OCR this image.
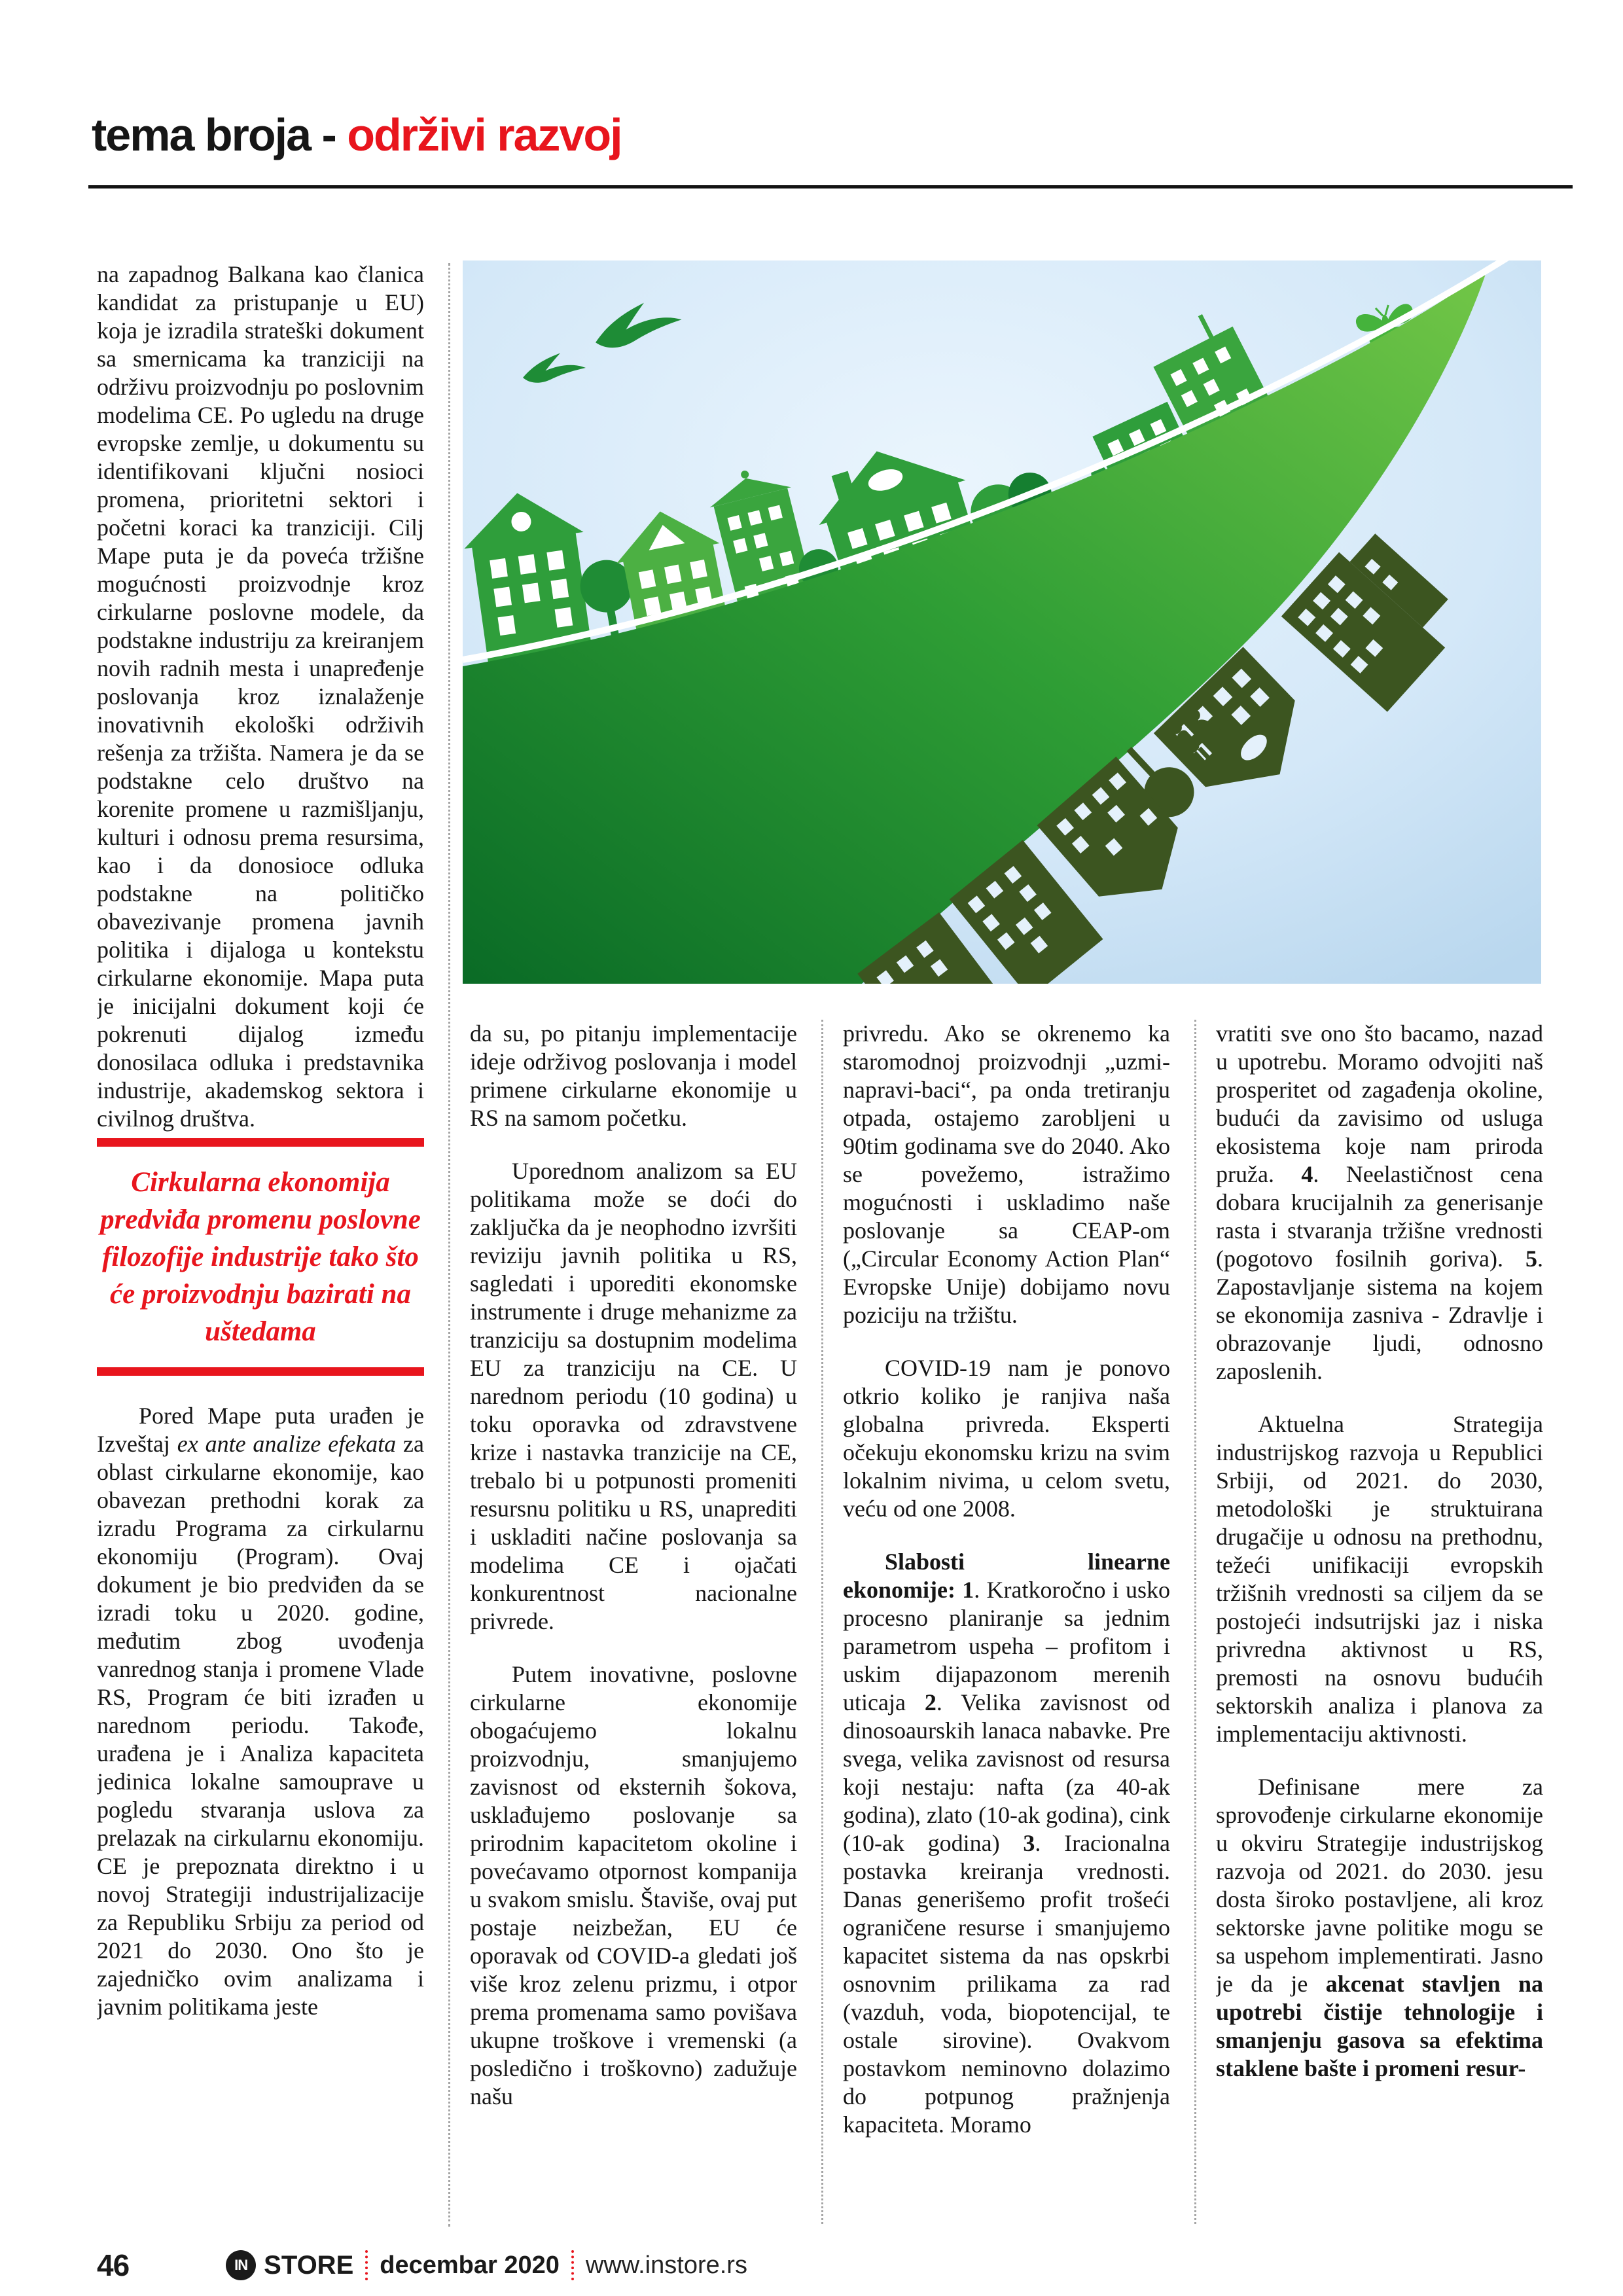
tema broja - održivi razvoj

na zapadnog Balkana kao članica kandidat za pristupanje u EU) koja je izradila strateški dokument sa smernicama ka tranziciji na održivu proizvodnju po poslovnim modelima CE. Po ugledu na druge evropske zemlje, u dokumentu su identifikovani ključni nosioci promena, prioritetni sektori i početni koraci ka tranziciji. Cilj Mape puta je da poveća tržišne mogućnosti proizvodnje kroz cirkularne poslovne modele, da podstakne industriju za kreiranjem novih radnih mesta i unapređenje poslovanja kroz iznalaženje inovativnih ekološki održivih rešenja za tržišta. Namera je da se podstakne celo društvo na korenite promene u razmišljanju, kulturi i odnosu prema resursima, kao i da donosioce odluka podstakne na političko obavezivanje promena javnih politika i dijaloga u kontekstu cirkularne ekonomije. Mapa puta je inicijalni dokument koji će pokrenuti dijalog između donosilaca odluka i predstavnika industrije, akademskog sektora i civilnog društva.

Cirkularna ekonomija predviđa promenu poslovne filozofije industrije tako što će proizvodnju bazirati na uštedama

Pored Mape puta urađen je Izveštaj ex ante analize efekata za oblast cirkularne ekonomije, kao obavezan prethodni korak za izradu Programa za cirkularnu ekonomiju (Program). Ovaj dokument je bio predviđen da se izradi toku u 2020. godine, međutim zbog uvođenja vanrednog stanja i promene Vlade RS, Program će biti izrađen u narednom periodu. Takođe, urađena je i Analiza kapaciteta jedinica lokalne samouprave u pogledu stvaranja uslova za prelazak na cirkularnu ekonomiju. CE je prepoznata direktno i u novoj Strategiji industrijalizacije za Republiku Srbiju za period od 2021 do 2030. Ono što je zajedničko ovim analizama i javnim politikama jeste

da su, po pitanju implementacije ideje održivog poslovanja i model primene cirkularne ekonomije u RS na samom početku.

Uporednom analizom sa EU politikama može se doći do zaključka da je neophodno izvršiti reviziju javnih politika u RS, sagledati i uporediti ekonomske instrumente i druge mehanizme za tranziciju sa dostupnim modelima EU za tranziciju na CE. U narednom periodu (10 godina) u toku oporavka od zdravstvene krize i nastavka tranzicije na CE, trebalo bi u potpunosti promeniti resursnu politiku u RS, unaprediti i uskladiti načine poslovanja sa modelima CE i ojačati konkurentnost nacionalne privrede.

Putem inovativne, poslovne cirkularne ekonomije obogaćujemo lokalnu proizvodnju, smanjujemo zavisnost od eksternih šokova, usklađujemo poslovanje sa prirodnim kapacitetom okoline i povećavamo otpornost kompanija u svakom smislu. Štaviše, ovaj put postaje neizbežan, EU će oporavak od COVID-a gledati još više kroz zelenu prizmu, i otpor prema promenama samo povišava ukupne troškove i vremenski (a posledično i troškovno) zadužuje našu

privredu. Ako se okrenemo ka staromodnoj proizvodnji „uzmi-napravi-baci“, pa onda tretiranju otpada, ostajemo zarobljeni u 90tim godinama sve do 2040. Ako se povežemo, istražimo mogućnosti i uskladimo naše poslovanje sa CEAP-om („Circular Economy Action Plan“ Evropske Unije) dobijamo novu poziciju na tržištu.

COVID-19 nam je ponovo otkrio koliko je ranjiva naša globalna privreda. Eksperti očekuju ekonomsku krizu na svim lokalnim nivima, u celom svetu, veću od one 2008.

Slabosti linearne ekonomije: 1. Kratkoročno i usko procesno planiranje sa jednim parametrom uspeha – profitom i uskim dijapazonom merenih uticaja 2. Velika zavisnost od dinosoaurskih lanaca nabavke. Pre svega, velika zavisnost od resursa koji nestaju: nafta (za 40-ak godina), zlato (10-ak godina), cink (10-ak godina) 3. Iracionalna postavka kreiranja vrednosti. Danas generišemo profit trošeći ograničene resurse i smanjujemo kapacitet sistema da nas opskrbi osnovnim prilikama za rad (vazduh, voda, biopotencijal, te ostale sirovine). Ovakvom postavkom neminovno dolazimo do potpunog pražnjenja kapaciteta. Moramo

vratiti sve ono što bacamo, nazad u upotrebu. Moramo odvojiti naš prosperitet od zagađenja okoline, budući da zavisimo od usluga ekosistema koje nam priroda pruža. 4. Neelastičnost cena dobara krucijalnih za generisanje rasta i stvaranja tržišne vrednosti (pogotovo fosilnih goriva). 5. Zapostavljanje sistema na kojem se ekonomija zasniva - Zdravlje i obrazovanje ljudi, odnosno zaposlenih.

Aktuelna Strategija industrijskog razvoja u Republici Srbiji, od 2021. do 2030, metodološki je struktuirana drugačije u odnosu na prethodnu, težeći unifikaciji evropskih tržišnih vrednosti sa ciljem da se postojeći indsutrijski jaz i niska privredna aktivnost u RS, premosti na osnovu budućih sektorskih analiza i planova za implementaciju aktivnosti.

Definisane mere za sprovođenje cirkularne ekonomije u okviru Strategije industrijskog razvoja od 2021. do 2030. jesu dosta široko postavljene, ali kroz sektorske javne politike mogu se sa uspehom implementirati. Jasno je da je akcenat stavljen na upotrebi čistije tehnologije i smanjenju gasova sa efektima staklene bašte i promeni resur-

46	IN STORE decembar 2020 www.instore.rs
